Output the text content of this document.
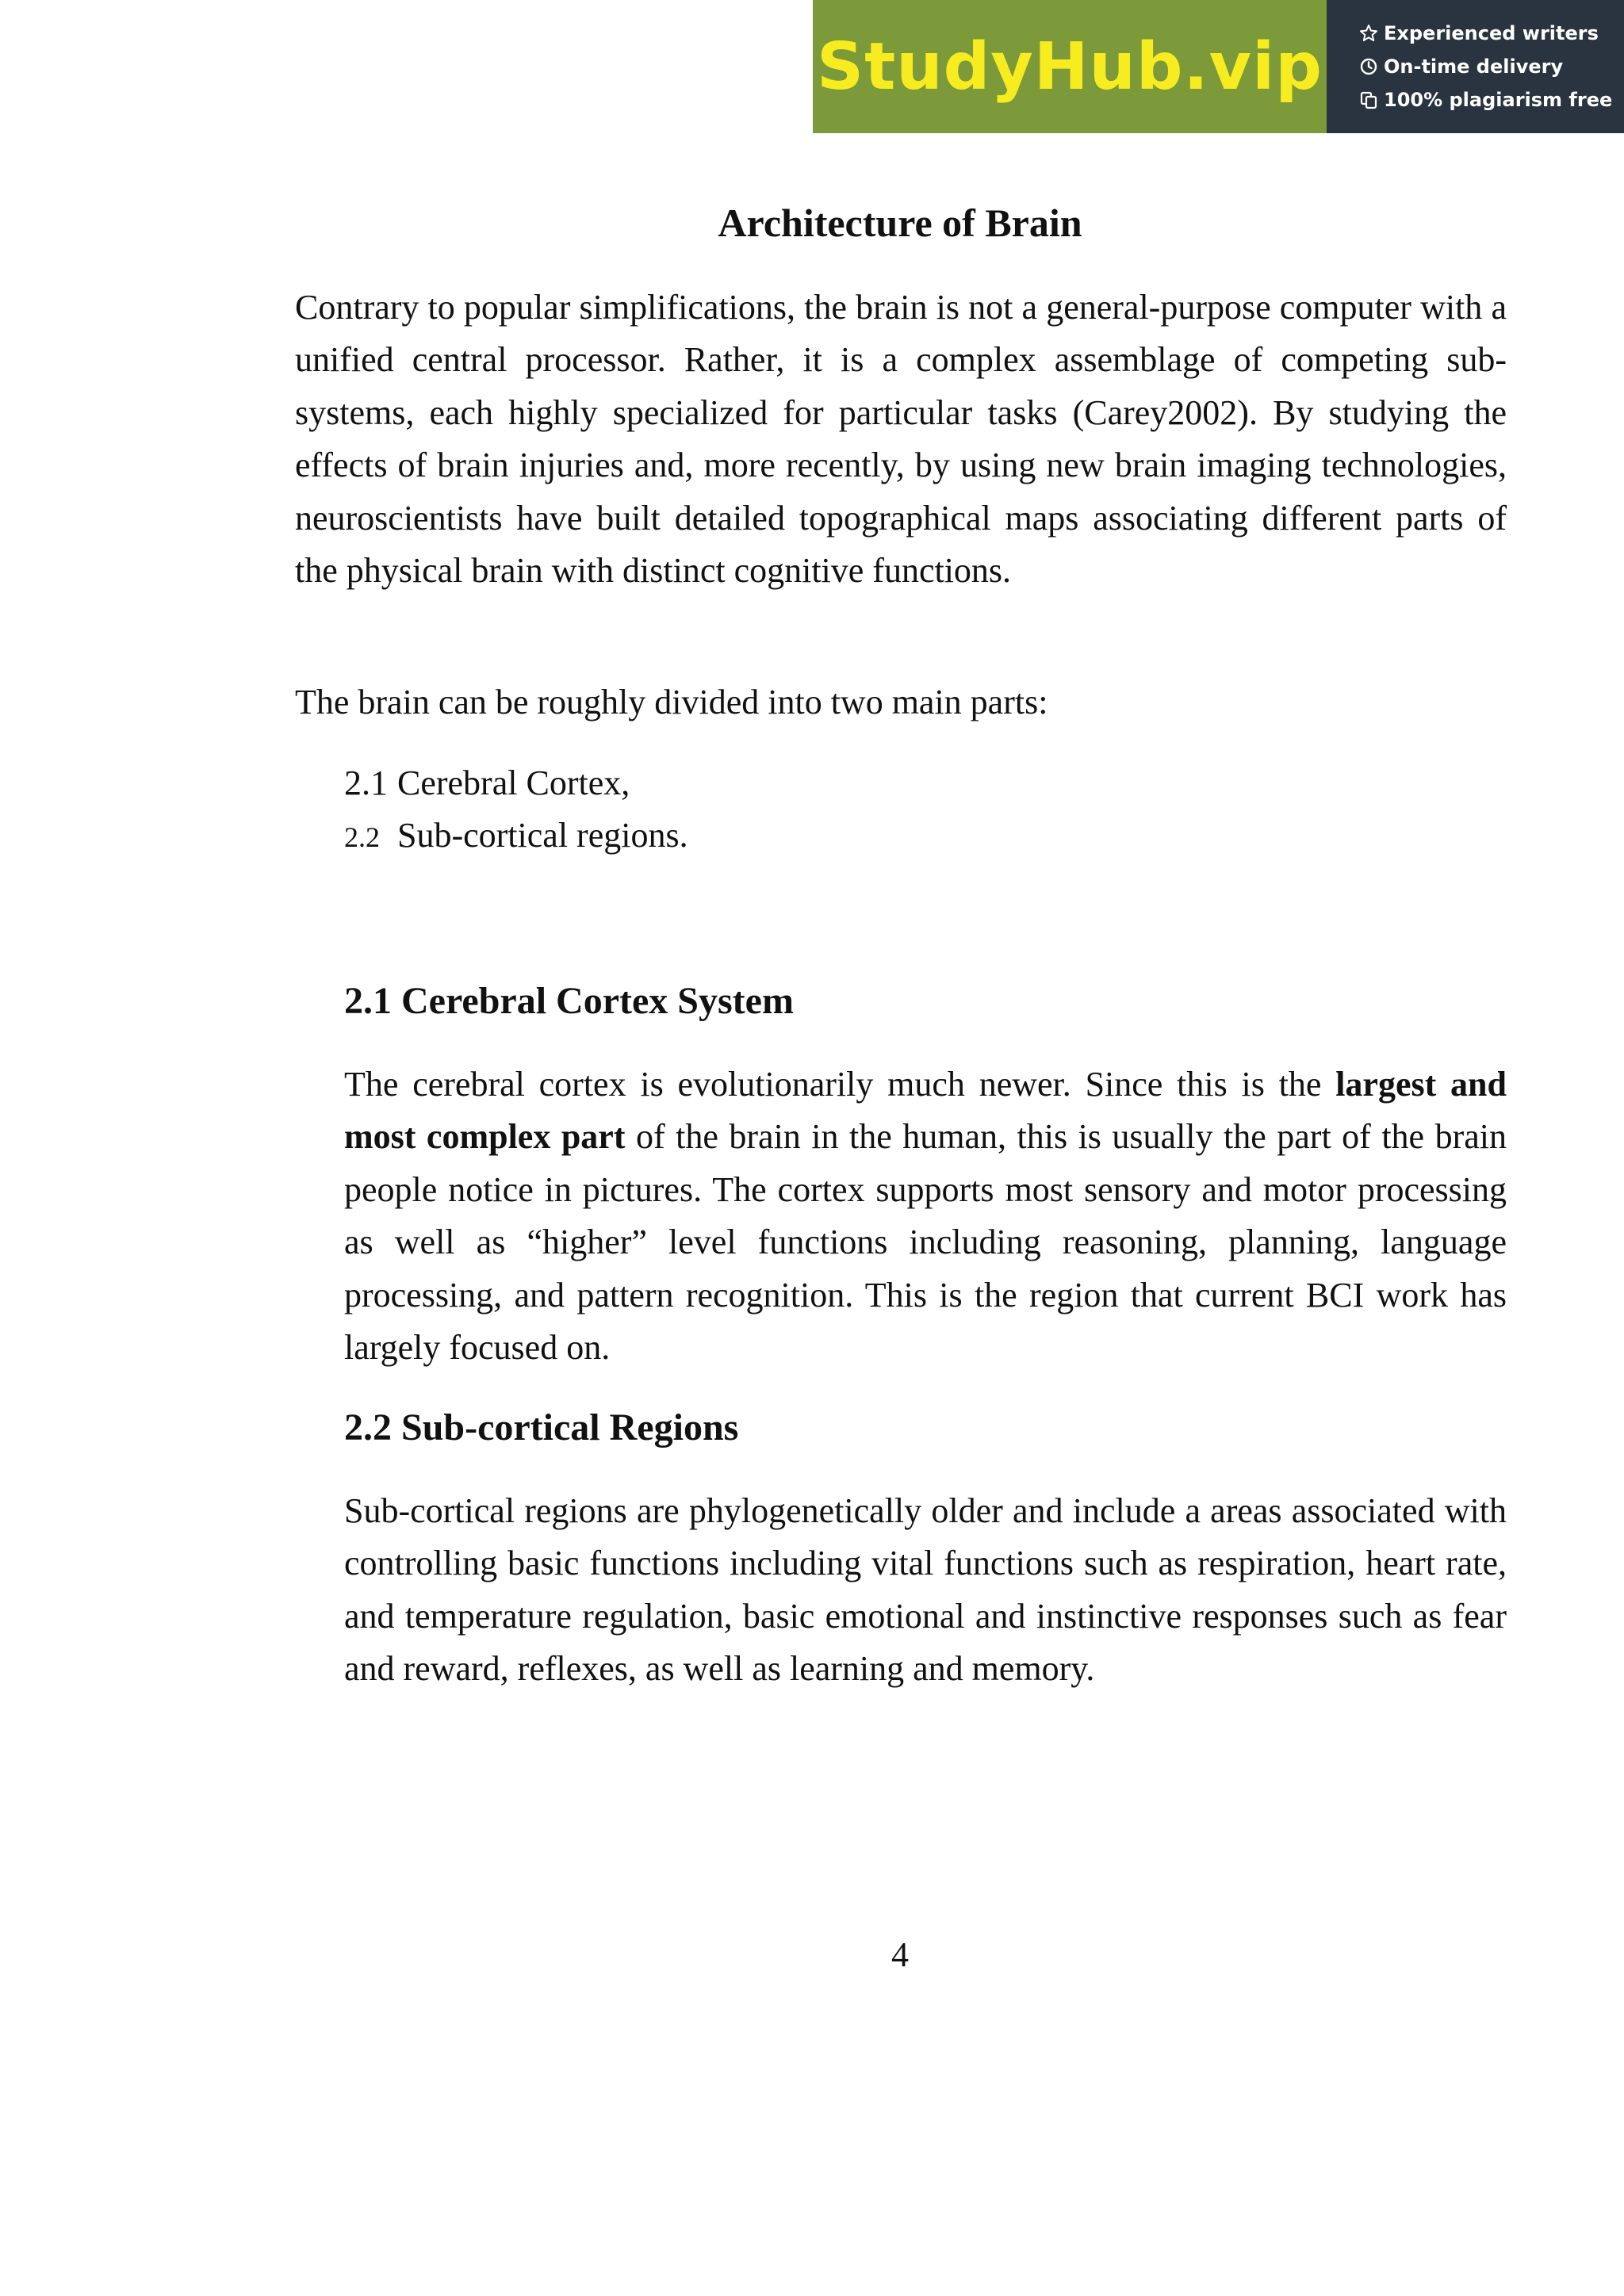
StudyHub.vip	Experienced writers
On-time delivery
100% plagiarism free
Architecture of Brain

Contrary to popular simplifications, the brain is not a general-purpose computer with a unified central processor. Rather, it is a complex assemblage of competing sub-systems, each highly specialized for particular tasks (Carey2002). By studying the effects of brain injuries and, more recently, by using new brain imaging technologies, neuroscientists have built detailed topographical maps associating different parts of the physical brain with distinct cognitive functions.

The brain can be roughly divided into two main parts:

2.1 Cerebral Cortex,
2.2 Sub-cortical regions.
2.1 Cerebral Cortex System

The cerebral cortex is evolutionarily much newer. Since this is the largest and most complex part of the brain in the human, this is usually the part of the brain people notice in pictures. The cortex supports most sensory and motor processing as well as “higher” level functions including reasoning, planning, language processing, and pattern recognition. This is the region that current BCI work has largely focused on.

2.2 Sub-cortical Regions

Sub-cortical regions are phylogenetically older and include a areas associated with controlling basic functions including vital functions such as respiration, heart rate, and temperature regulation, basic emotional and instinctive responses such as fear and reward, reflexes, as well as learning and memory.

4
